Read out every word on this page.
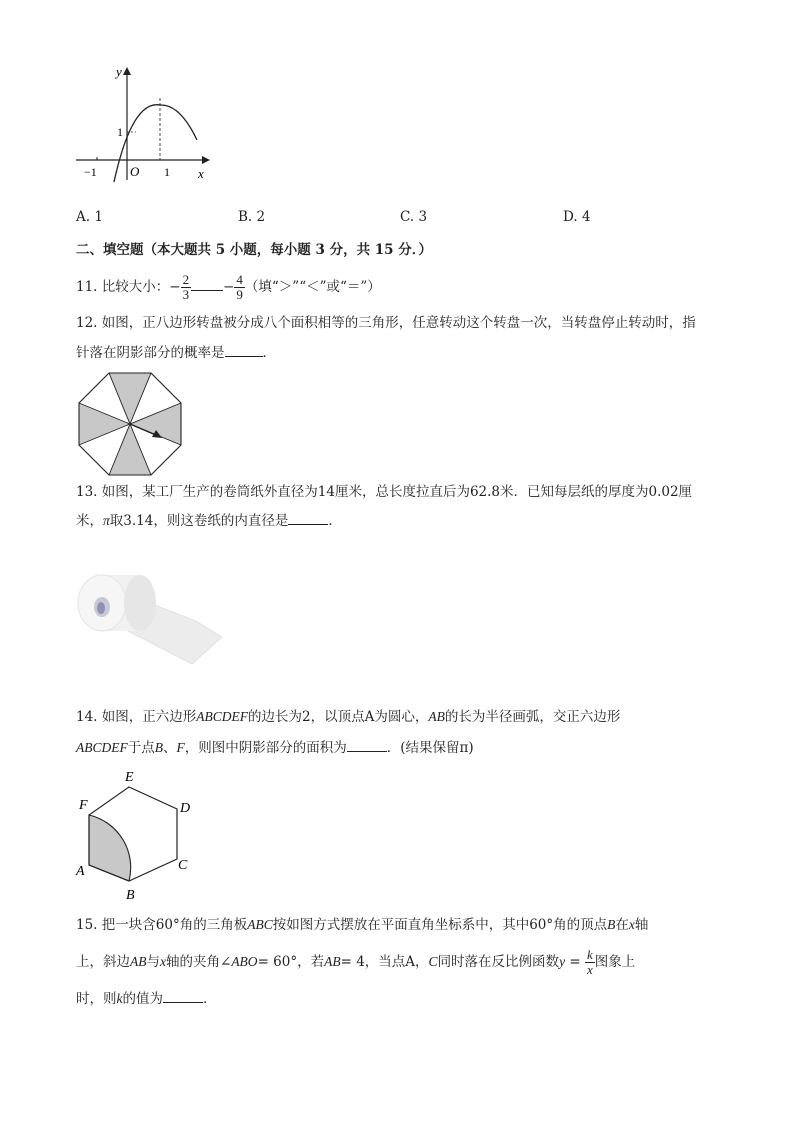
y
x
O
−1	1
1
A. 1	B. 2	C. 3	D. 4
二、填空题（本大题共 5 小题，每小题 3 分，共 15 分．）
11. 比较大小：− $\frac{2}{3} - \frac{4}{9}$ （填“＞”“＜”或“＝”）
12. 如图，正八边形转盘被分成八个面积相等的三角形，任意转动这个转盘一次，当转盘停止转动时，指
针落在阴影部分的概率是	．
13. 如图，某工厂生产的卷筒纸外直径为14厘米，总长度拉直后为62.8米．已知每层纸的厚度为0.02厘
米，π取3.14，则这卷纸的内直径是	．
14. 如图，正六边形ABCDEF的边长为2，以顶点A为圆心，AB的长为半径画弧，交正六边形
ABCDEF于点B、F，则图中阴影部分的面积为	．(结果保留π)
E
D
F
C
A
B
15. 把一块含60°角的三角板ABC按如图方式摆放在平面直角坐标系中，其中60°角的顶点B在x轴
上，斜边AB与x轴的夹角∠ABO= 60°，若AB= 4，当点A，C同时落在反比例函数$y = \frac{k}{x}$ 图象上
时，则k的值为	．
